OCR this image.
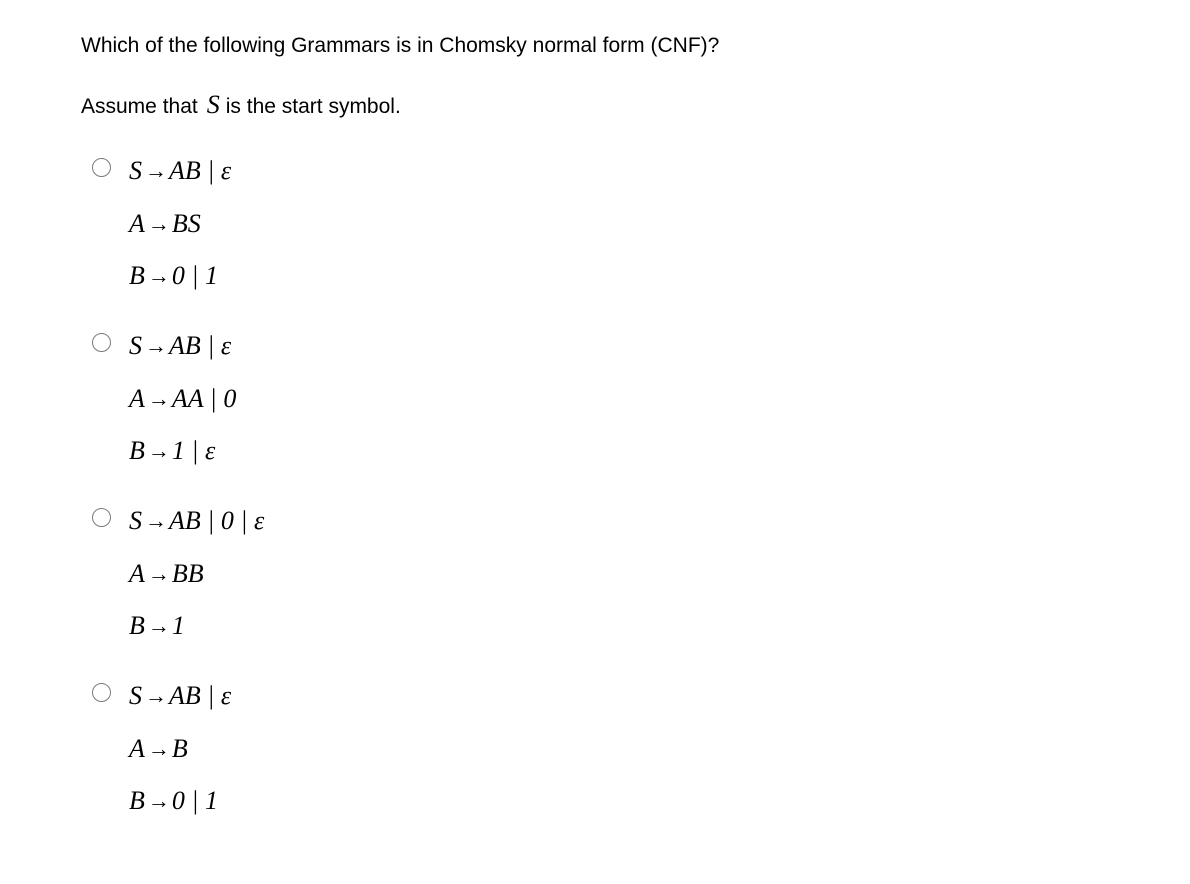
Which of the following Grammars is in Chomsky normal form (CNF)?
Assume that S is the start symbol.
S →AB | ε
A →BS
B →0 | 1
S →AB | ε
A →AA | 0
B →1 | ε
S →AB | 0 | ε
A →BB
B →1
S →AB | ε
A →B
B →0 | 1
